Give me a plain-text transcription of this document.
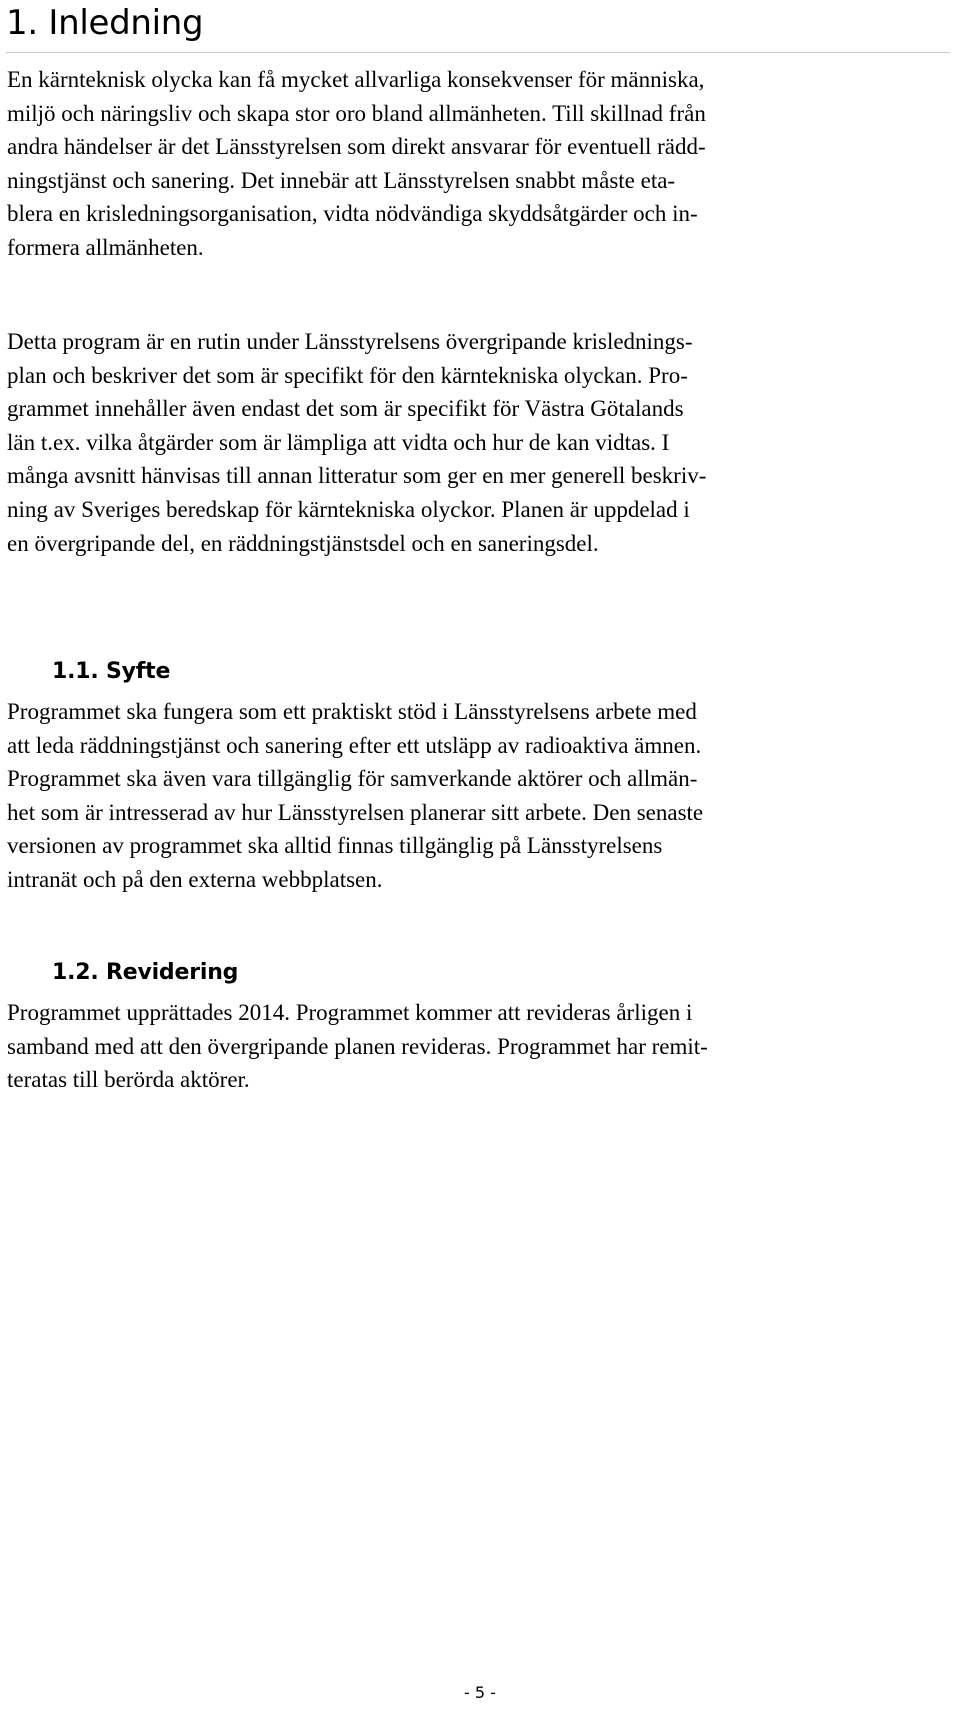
1. Inledning

En kärnteknisk olycka kan få mycket allvarliga konsekvenser för människa,
miljö och näringsliv och skapa stor oro bland allmänheten. Till skillnad från
andra händelser är det Länsstyrelsen som direkt ansvarar för eventuell rädd-
ningstjänst och sanering. Det innebär att Länsstyrelsen snabbt måste eta-
blera en krisledningsorganisation, vidta nödvändiga skyddsåtgärder och in-
formera allmänheten.

Detta program är en rutin under Länsstyrelsens övergripande krislednings-
plan och beskriver det som är specifikt för den kärntekniska olyckan. Pro-
grammet innehåller även endast det som är specifikt för Västra Götalands
län t.ex. vilka åtgärder som är lämpliga att vidta och hur de kan vidtas. I
många avsnitt hänvisas till annan litteratur som ger en mer generell beskriv-
ning av Sveriges beredskap för kärntekniska olyckor. Planen är uppdelad i
en övergripande del, en räddningstjänstsdel och en saneringsdel.

1.1. Syfte

Programmet ska fungera som ett praktiskt stöd i Länsstyrelsens arbete med
att leda räddningstjänst och sanering efter ett utsläpp av radioaktiva ämnen.
Programmet ska även vara tillgänglig för samverkande aktörer och allmän-
het som är intresserad av hur Länsstyrelsen planerar sitt arbete. Den senaste
versionen av programmet ska alltid finnas tillgänglig på Länsstyrelsens
intranät och på den externa webbplatsen.

1.2. Revidering

Programmet upprättades 2014. Programmet kommer att revideras årligen i
samband med att den övergripande planen revideras. Programmet har remit-
teratas till berörda aktörer.

- 5 -
